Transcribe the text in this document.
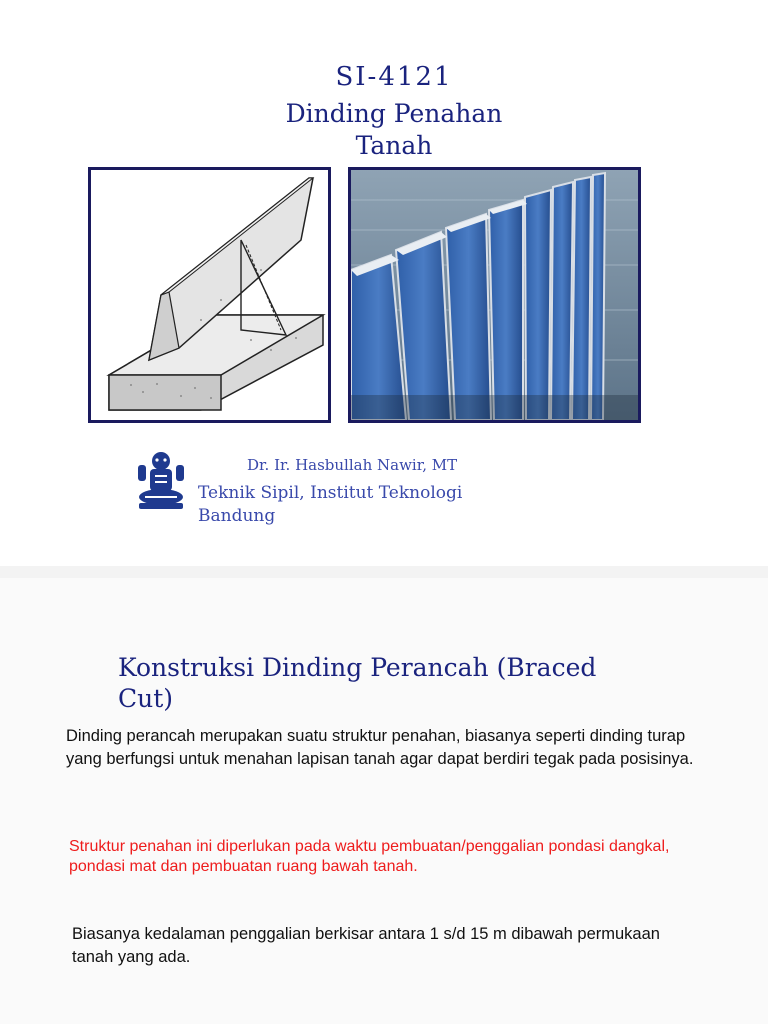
SI-4121
Dinding Penahan
Tanah
Dr. Ir. Hasbullah Nawir, MT
Teknik Sipil, Institut Teknologi
Bandung
Konstruksi Dinding Perancah (Braced
Cut)
Dinding perancah merupakan suatu struktur penahan, biasanya seperti dinding turap yang berfungsi untuk menahan lapisan tanah agar dapat berdiri tegak pada posisinya.
Struktur penahan ini diperlukan pada waktu pembuatan/penggalian pondasi dangkal, pondasi mat dan pembuatan ruang bawah tanah.
Biasanya kedalaman penggalian berkisar antara 1 s/d 15 m dibawah permukaan tanah yang ada.
